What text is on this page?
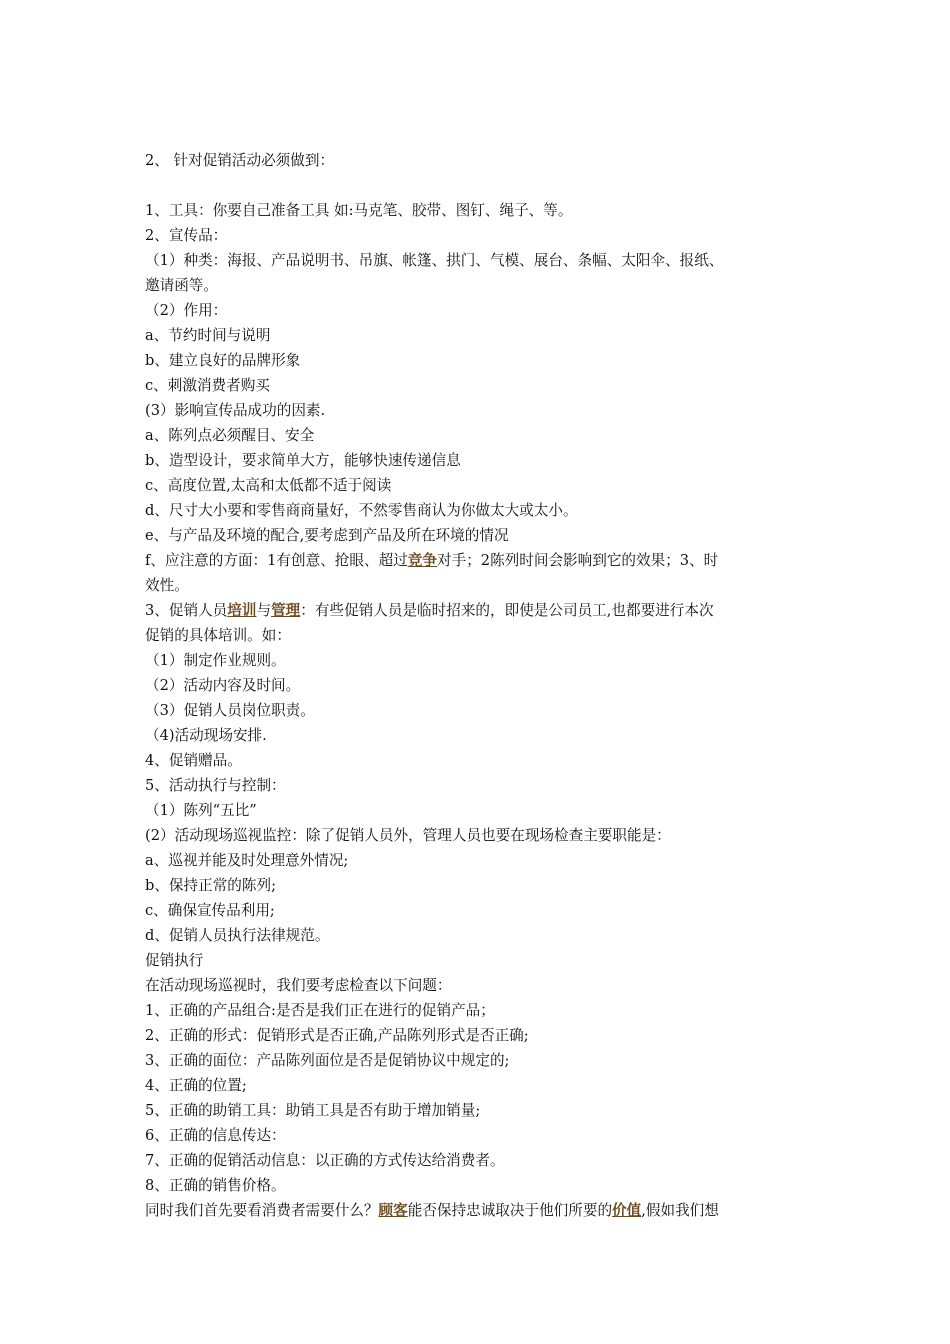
2、 针对促销活动必须做到：
1、工具：你要自己准备工具 如:马克笔、胶带、图钉、绳子、等。
2、宣传品：
（1）种类：海报、产品说明书、吊旗、帐篷、拱门、气模、展台、条幅、太阳伞、报纸、
邀请函等。
（2）作用：
a、节约时间与说明
b、建立良好的品牌形象
c、刺激消费者购买
(3）影响宣传品成功的因素.
a、陈列点必须醒目、安全
b、造型设计，要求简单大方，能够快速传递信息
c、高度位置,太高和太低都不适于阅读
d、尺寸大小要和零售商商量好，不然零售商认为你做太大或太小。
e、与产品及环境的配合,要考虑到产品及所在环境的情况
f、应注意的方面：1有创意、抢眼、超过竞争对手；2陈列时间会影响到它的效果；3、时
效性。
3、促销人员培训与管理：有些促销人员是临时招来的，即使是公司员工,也都要进行本次
促销的具体培训。如：
（1）制定作业规则。
（2）活动内容及时间。
（3）促销人员岗位职责。
（4)活动现场安排.
4、促销赠品。
5、活动执行与控制：
（1）陈列“五比”
(2）活动现场巡视监控：除了促销人员外，管理人员也要在现场检查主要职能是：
a、巡视并能及时处理意外情况;
b、保持正常的陈列;
c、确保宣传品利用;
d、促销人员执行法律规范。
促销执行
在活动现场巡视时，我们要考虑检查以下问题：
1、正确的产品组合:是否是我们正在进行的促销产品；
2、正确的形式：促销形式是否正确,产品陈列形式是否正确;
3、正确的面位：产品陈列面位是否是促销协议中规定的;
4、正确的位置;
5、正确的助销工具：助销工具是否有助于增加销量;
6、正确的信息传达：
7、正确的促销活动信息：以正确的方式传达给消费者。
8、正确的销售价格。
同时我们首先要看消费者需要什么？顾客能否保持忠诚取决于他们所要的价值,假如我们想
